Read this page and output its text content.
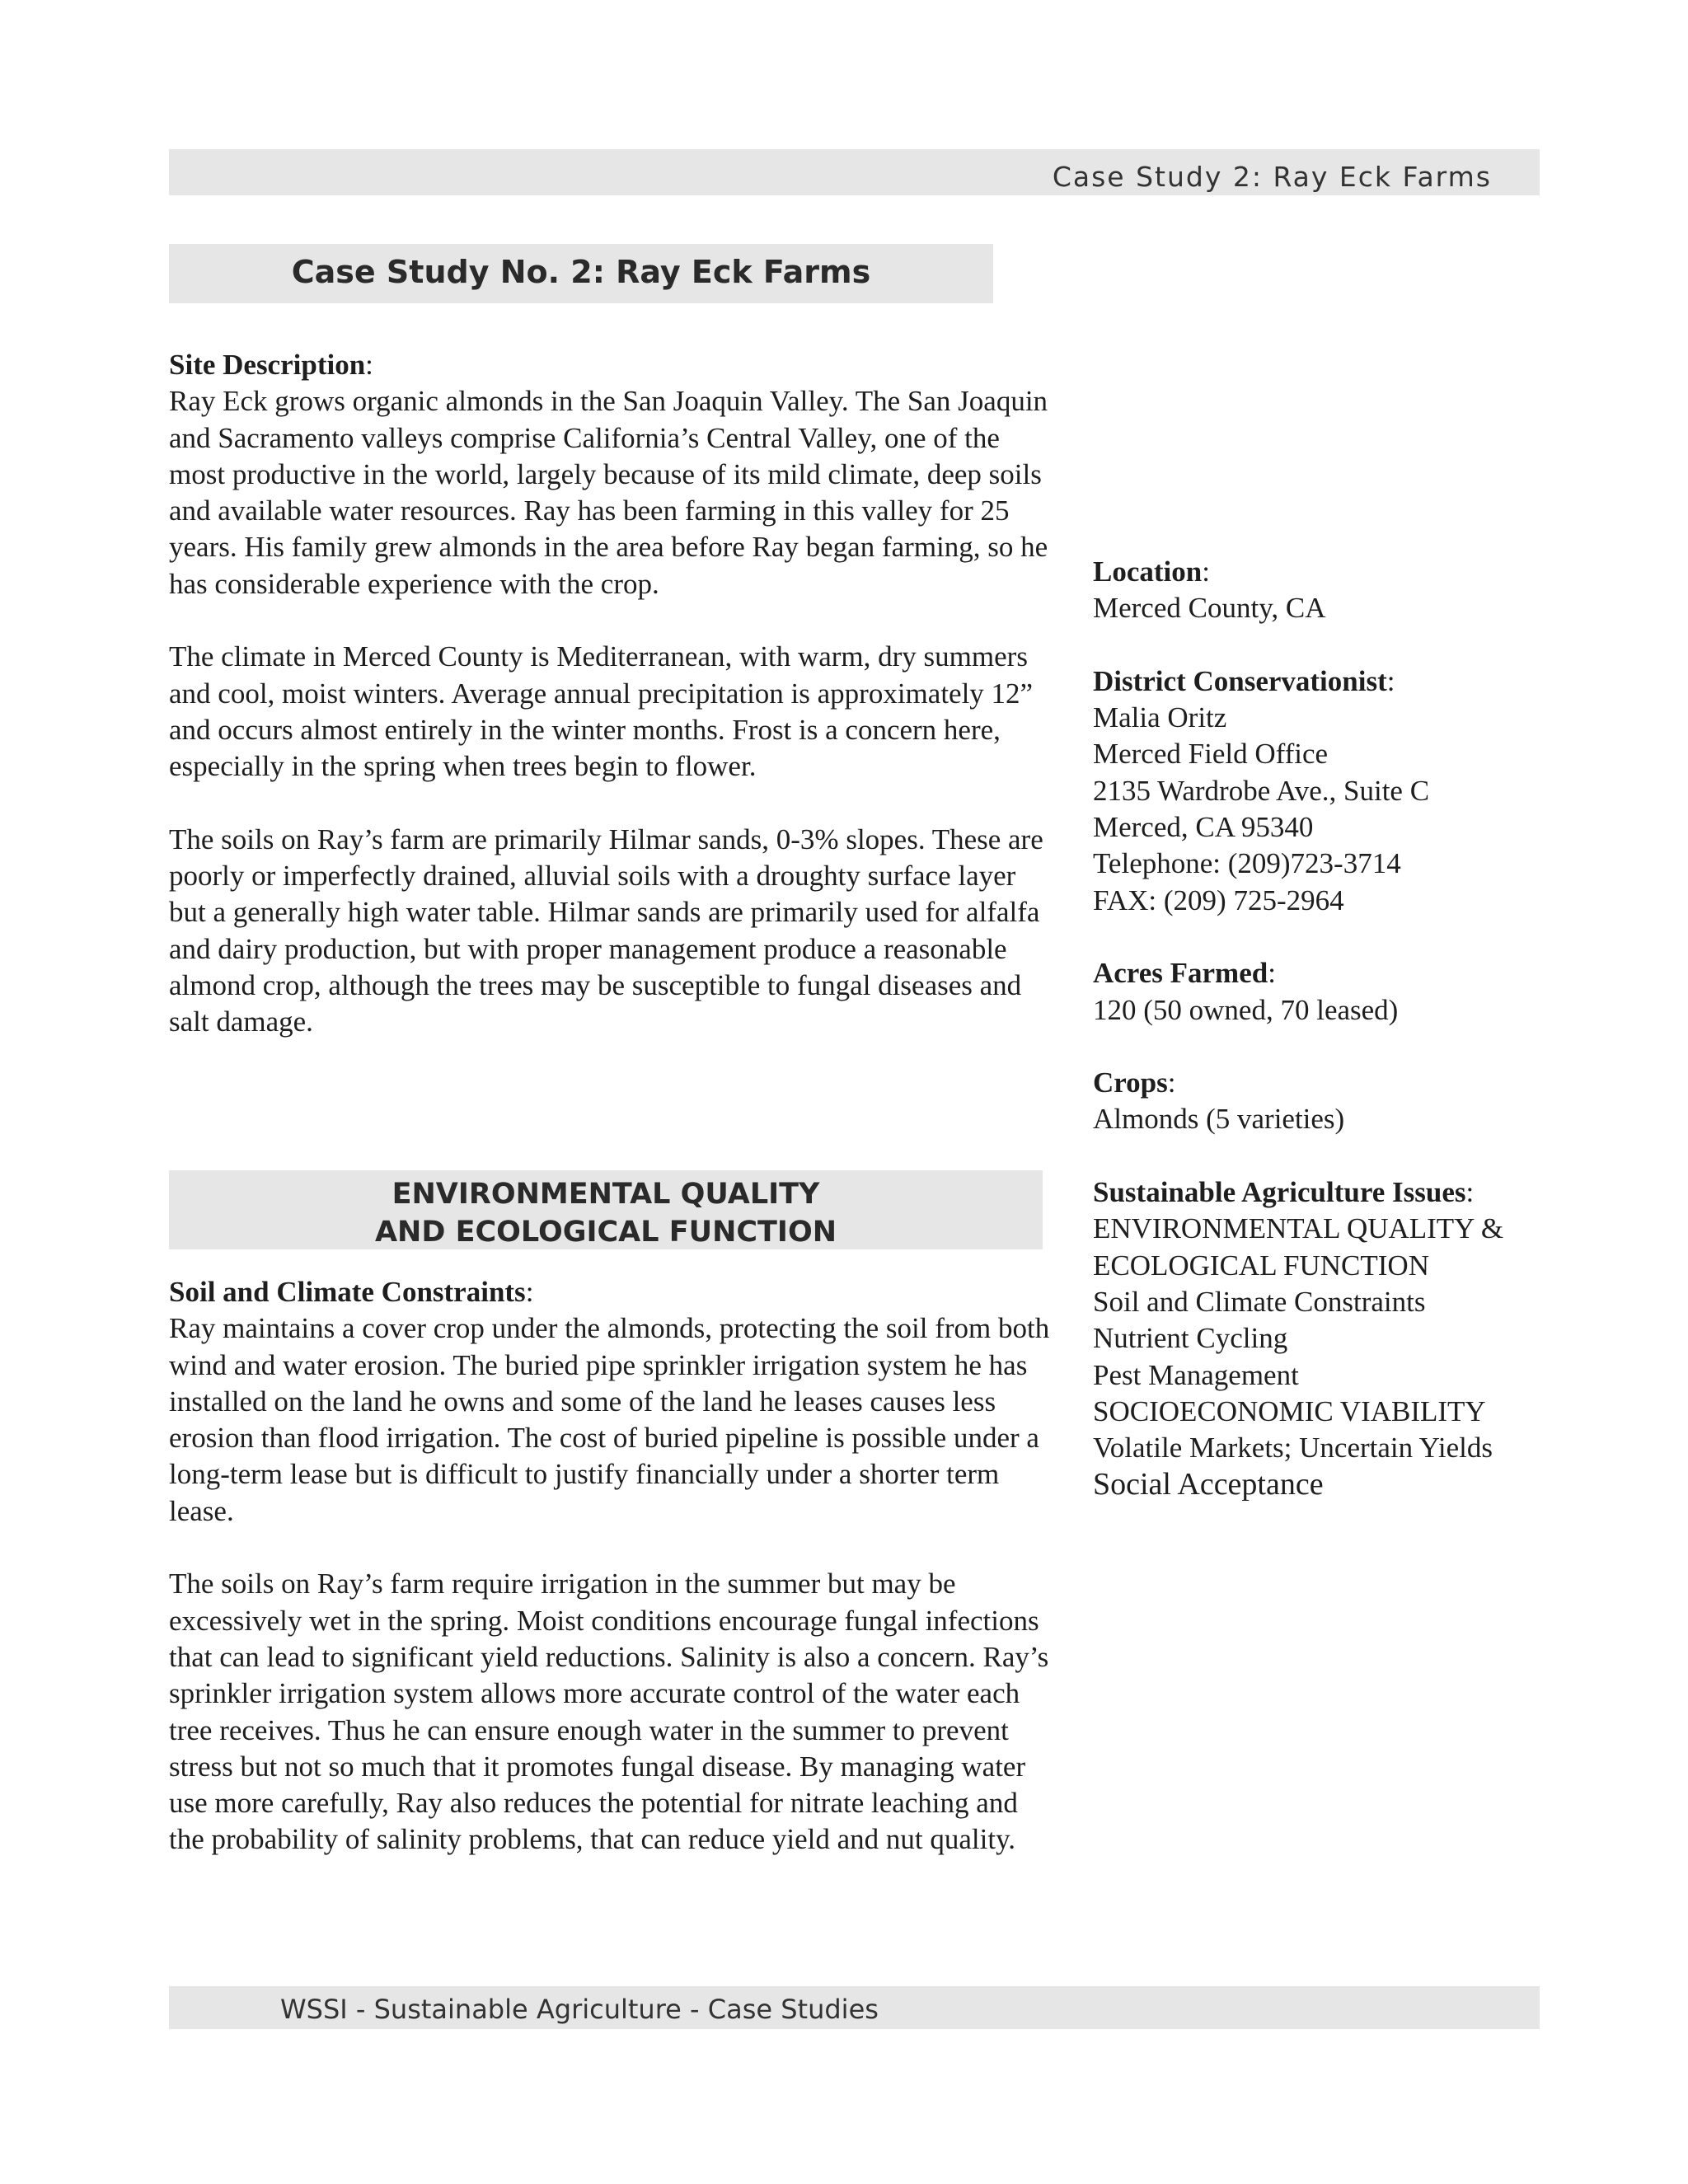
Case Study 2: Ray Eck Farms
Case Study No. 2: Ray Eck Farms

Site Description:

Ray Eck grows organic almonds in the San Joaquin Valley. The San Joaquin and Sacramento valleys comprise California’s Central Valley, one of the most productive in the world, largely because of its mild climate, deep soils and available water resources. Ray has been farming in this valley for 25 years. His family grew almonds in the area before Ray began farming, so he has considerable experience with the crop.

The climate in Merced County is Mediterranean, with warm, dry summers and cool, moist winters. Average annual precipitation is approximately 12” and occurs almost entirely in the winter months. Frost is a concern here, especially in the spring when trees begin to flower.

The soils on Ray’s farm are primarily Hilmar sands, 0-3% slopes. These are poorly or imperfectly drained, alluvial soils with a droughty surface layer but a generally high water table. Hilmar sands are primarily used for alfalfa and dairy production, but with proper management produce a reasonable almond crop, although the trees may be susceptible to fungal diseases and salt damage.

ENVIRONMENTAL QUALITY
AND ECOLOGICAL FUNCTION

Soil and Climate Constraints:

Ray maintains a cover crop under the almonds, protecting the soil from both wind and water erosion. The buried pipe sprinkler irrigation system he has installed on the land he owns and some of the land he leases causes less erosion than flood irrigation. The cost of buried pipeline is possible under a long-term lease but is difficult to justify financially under a shorter term lease.

The soils on Ray’s farm require irrigation in the summer but may be excessively wet in the spring. Moist conditions encourage fungal infections that can lead to significant yield reductions. Salinity is also a concern. Ray’s sprinkler irrigation system allows more accurate control of the water each tree receives. Thus he can ensure enough water in the summer to prevent stress but not so much that it promotes fungal disease. By managing water use more carefully, Ray also reduces the potential for nitrate leaching and the probability of salinity problems, that can reduce yield and nut quality.

Location:

Merced County, CA

District Conservationist:

Malia Oritz

Merced Field Office

2135 Wardrobe Ave., Suite C

Merced, CA 95340

Telephone: (209)723-3714

FAX: (209) 725-2964

Acres Farmed:

120 (50 owned, 70 leased)

Crops:

Almonds (5 varieties)

Sustainable Agriculture Issues:

ENVIRONMENTAL QUALITY &

ECOLOGICAL FUNCTION

Soil and Climate Constraints

Nutrient Cycling

Pest Management

SOCIOECONOMIC VIABILITY

Volatile Markets; Uncertain Yields

Social Acceptance

WSSI - Sustainable Agriculture - Case Studies
